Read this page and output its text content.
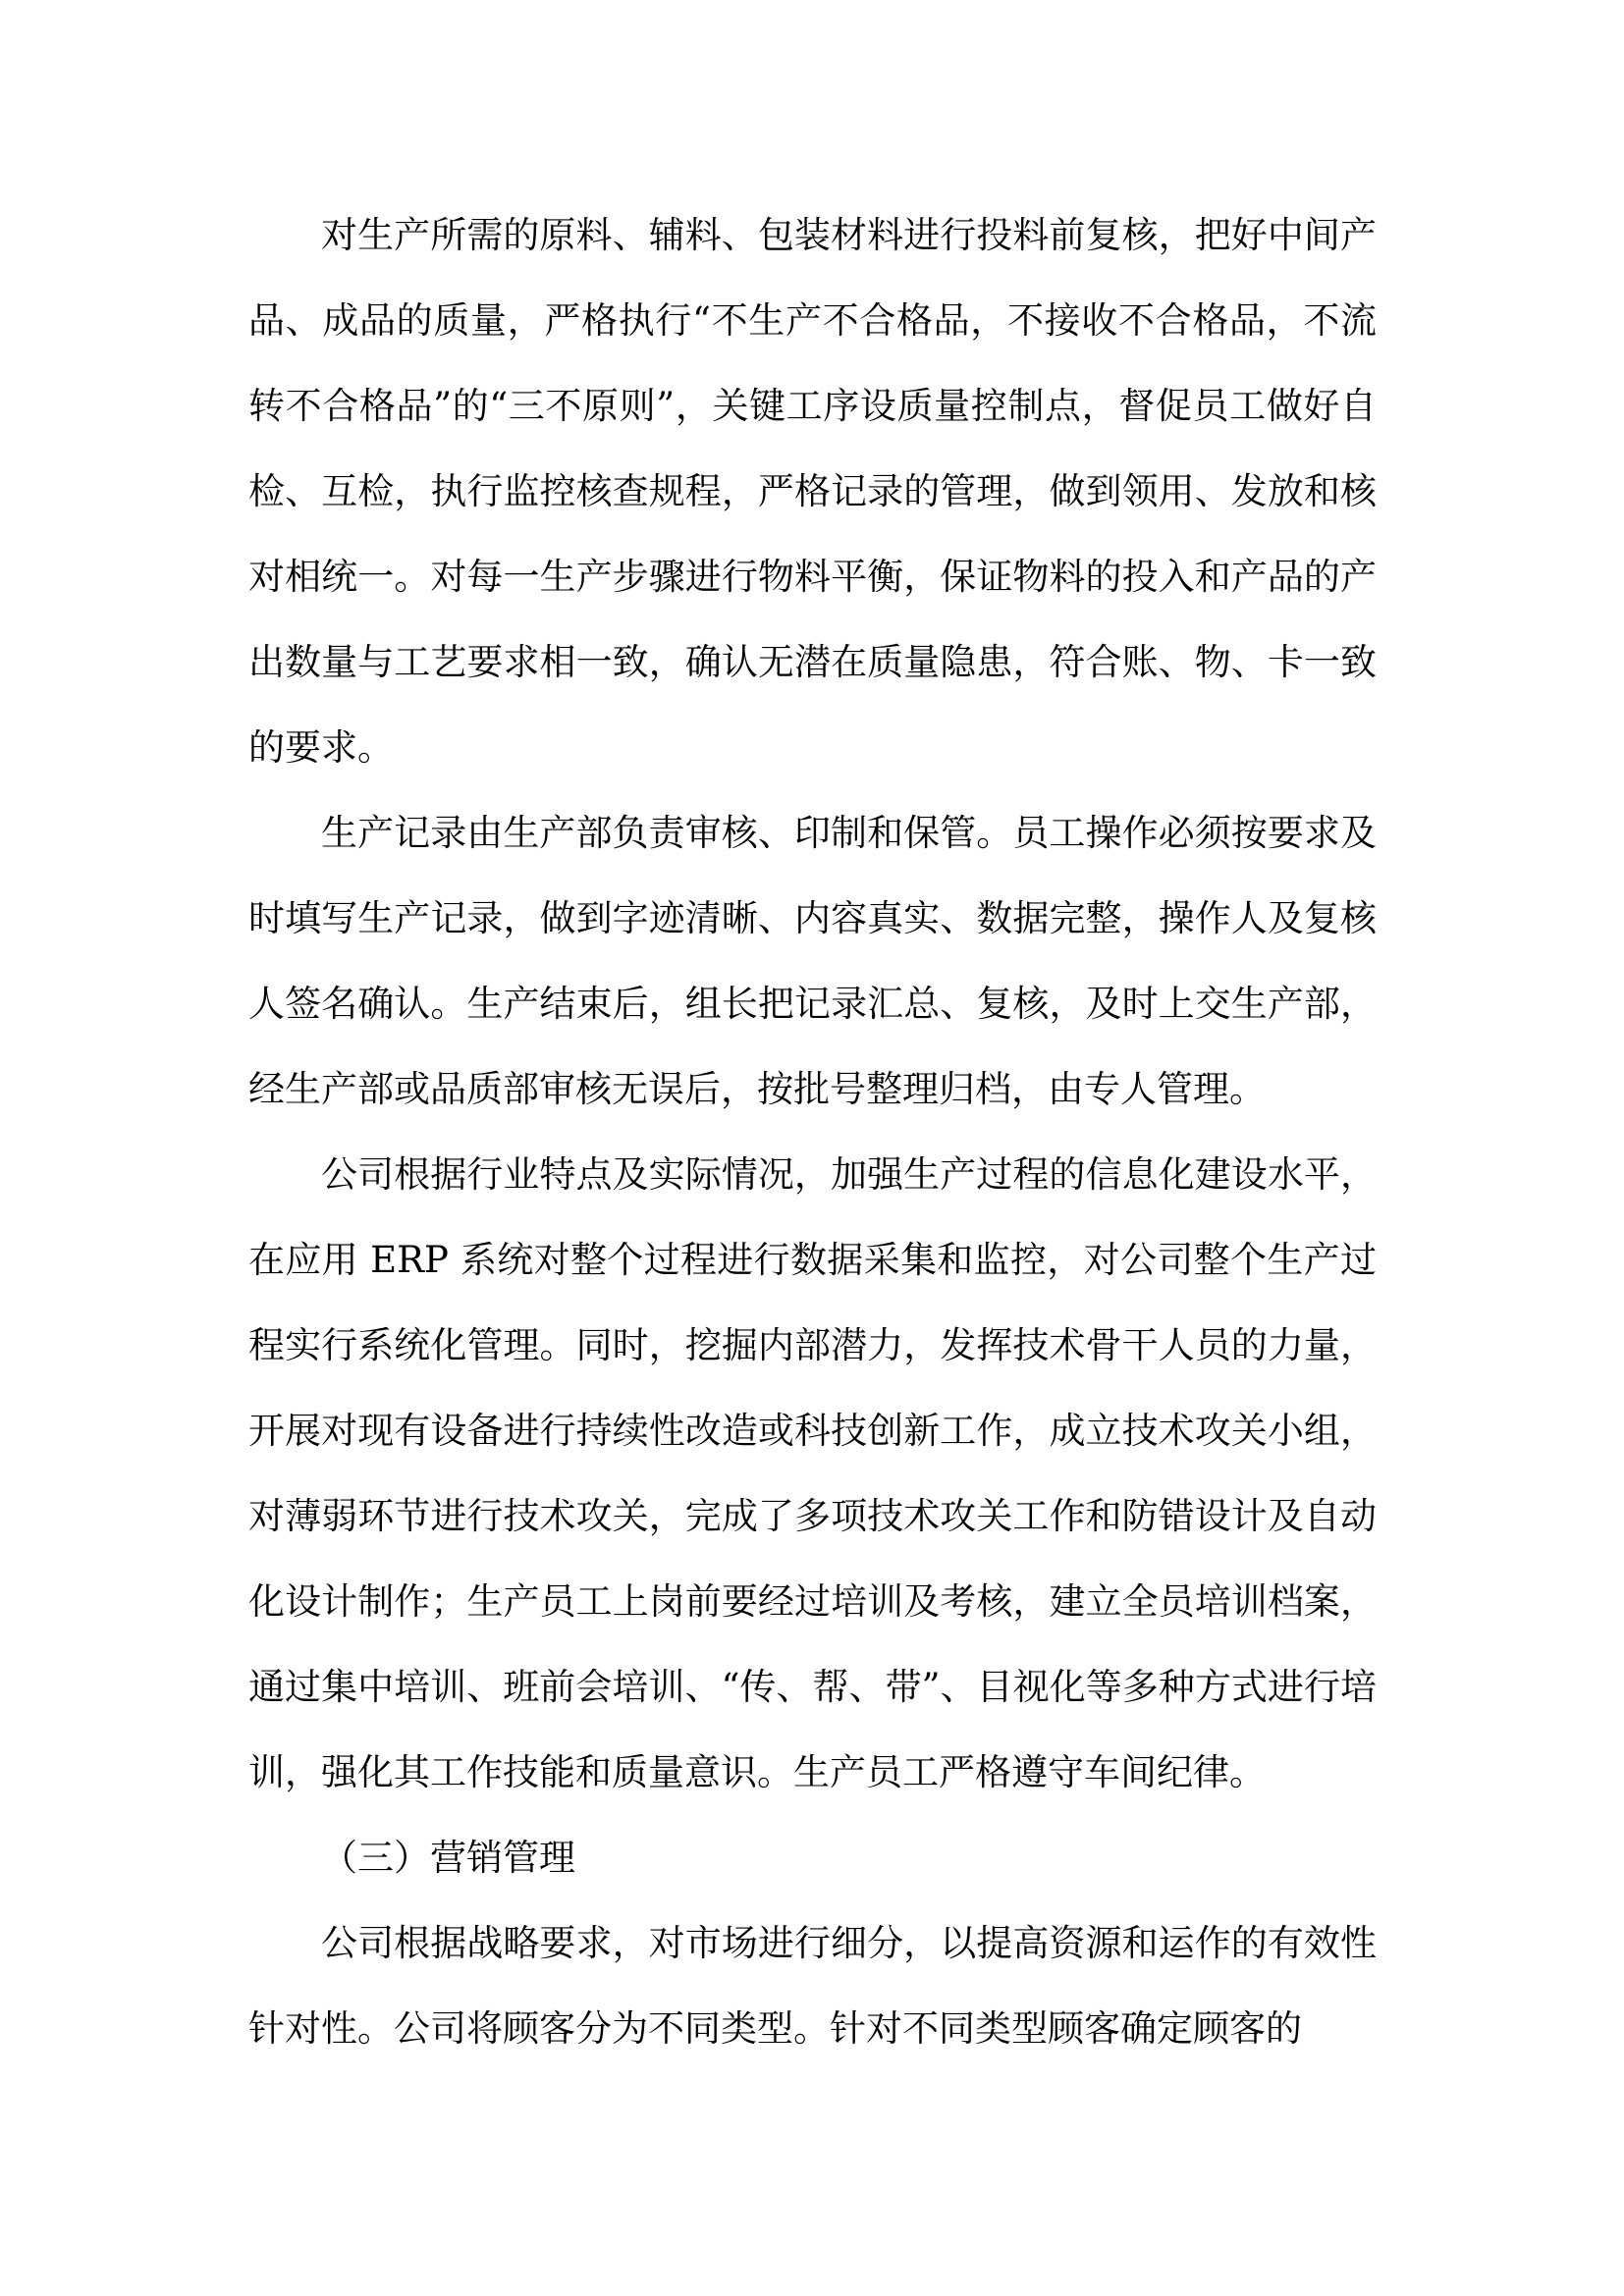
对生产所需的原料、辅料、包装材料进行投料前复核，把好中间产品、成品的质量，严格执行“不生产不合格品，不接收不合格品，不流转不合格品”的“三不原则”，关键工序设质量控制点，督促员工做好自检、互检，执行监控核查规程，严格记录的管理，做到领用、发放和核对相统一。对每一生产步骤进行物料平衡，保证物料的投入和产品的产出数量与工艺要求相一致，确认无潜在质量隐患，符合账、物、卡一致的要求。

生产记录由生产部负责审核、印制和保管。员工操作必须按要求及时填写生产记录，做到字迹清晰、内容真实、数据完整，操作人及复核人签名确认。生产结束后，组长把记录汇总、复核，及时上交生产部，经生产部或品质部审核无误后，按批号整理归档，由专人管理。

公司根据行业特点及实际情况，加强生产过程的信息化建设水平，在应用 ERP 系统对整个过程进行数据采集和监控，对公司整个生产过程实行系统化管理。同时，挖掘内部潜力，发挥技术骨干人员的力量，开展对现有设备进行持续性改造或科技创新工作，成立技术攻关小组，对薄弱环节进行技术攻关，完成了多项技术攻关工作和防错设计及自动化设计制作；生产员工上岗前要经过培训及考核，建立全员培训档案，通过集中培训、班前会培训、“传、帮、带”、目视化等多种方式进行培训，强化其工作技能和质量意识。生产员工严格遵守车间纪律。

（三）营销管理

公司根据战略要求，对市场进行细分，以提高资源和运作的有效性针对性。公司将顾客分为不同类型。针对不同类型顾客确定顾客的
